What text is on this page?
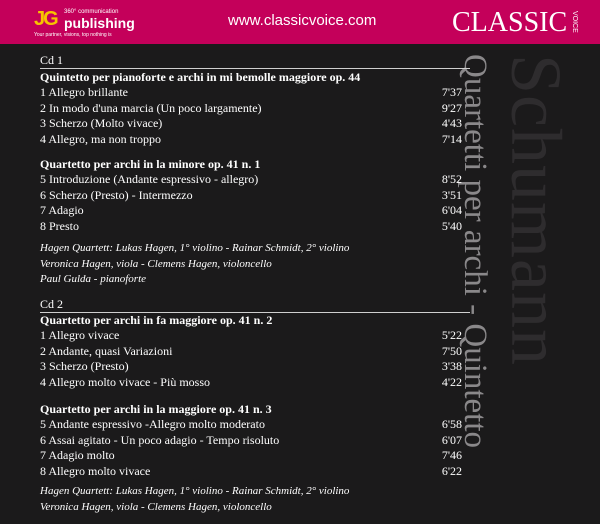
JG 360° communication
publishing
Your partner, visions, top nothing is
www.classicvoice.com	CLASSIC VOICE
Schumann
Quartetti per archi - Quintetto
Cd 1
Quintetto per pianoforte e archi in mi bemolle maggiore op. 44
1 Allegro brillante	7'37
2 In modo d'una marcia (Un poco largamente)	9'27
3 Scherzo (Molto vivace)	4'43
4 Allegro, ma non troppo	7'14
Quartetto per archi in la minore op. 41 n. 1
5 Introduzione (Andante espressivo - allegro)	8'52
6 Scherzo (Presto) - Intermezzo	3'51
7 Adagio	6'04
8 Presto	5'40
Hagen Quartett: Lukas Hagen, 1° violino - Rainar Schmidt, 2° violino
Veronica Hagen, viola - Clemens Hagen, violoncello
Paul Gulda - pianoforte
Cd 2
Quartetto per archi in fa maggiore op. 41 n. 2
1 Allegro vivace	5'22
2 Andante, quasi Variazioni	7'50
3 Scherzo (Presto)	3'38
4 Allegro molto vivace - Più mosso	4'22
Quartetto per archi in la maggiore op. 41 n. 3
5 Andante espressivo -Allegro molto moderato	6'58
6 Assai agitato - Un poco adagio - Tempo risoluto	6'07
7 Adagio molto	7'46
8 Allegro molto vivace	6'22
Hagen Quartett: Lukas Hagen, 1° violino - Rainar Schmidt, 2° violino
Veronica Hagen, viola - Clemens Hagen, violoncello
